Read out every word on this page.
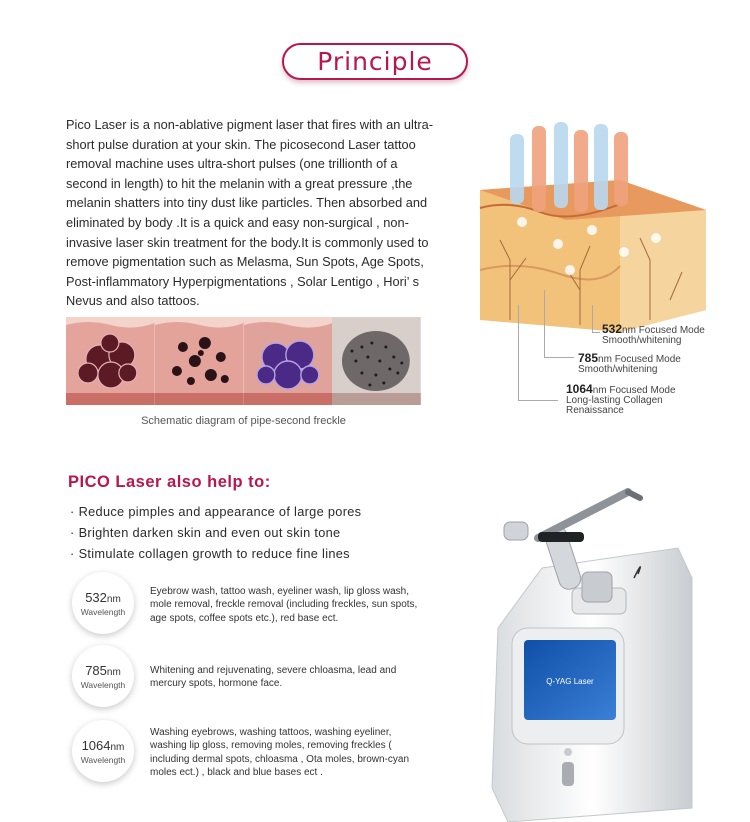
Principle

Pico Laser is a non-ablative pigment laser that fires with an ultra-short pulse duration at your skin. The picosecond Laser tattoo removal machine uses ultra-short pulses (one trillionth of a second in length) to hit the melanin with a great pressure ,the melanin shatters into tiny dust like particles. Then absorbed and eliminated by body .It is a quick and easy non-surgical , non-invasive laser skin treatment for the body.It is commonly used to remove pigmentation such as Melasma, Sun Spots, Age Spots, Post-inflammatory Hyperpigmentations , Solar Lentigo , Hori’ s Nevus and also tattoos.

Schematic diagram of pipe-second freckle

532nm Focused Mode
Smooth/whitening
785nm Focused Mode
Smooth/whitening
1064nm Focused Mode
Long-lasting Collagen
Renaissance
PICO Laser also help to:
· Reduce pimples and appearance of large pores
· Brighten darken skin and even out skin tone
· Stimulate collagen growth to reduce fine lines
532nm
Wavelength

Eyebrow wash, tattoo wash, eyeliner wash, lip gloss wash, mole removal, freckle removal (including freckles, sun spots, age spots, coffee spots etc.), red base ect.

785nm
Wavelength

Whitening and rejuvenating, severe chloasma, lead and mercury spots, hormone face.

1064nm
Wavelength

Washing eyebrows, washing tattoos, washing eyeliner, washing lip gloss, removing moles, removing freckles ( including dermal spots, chloasma , Ota moles, brown-cyan moles ect.) , black and blue bases ect .

Q-YAG Laser
